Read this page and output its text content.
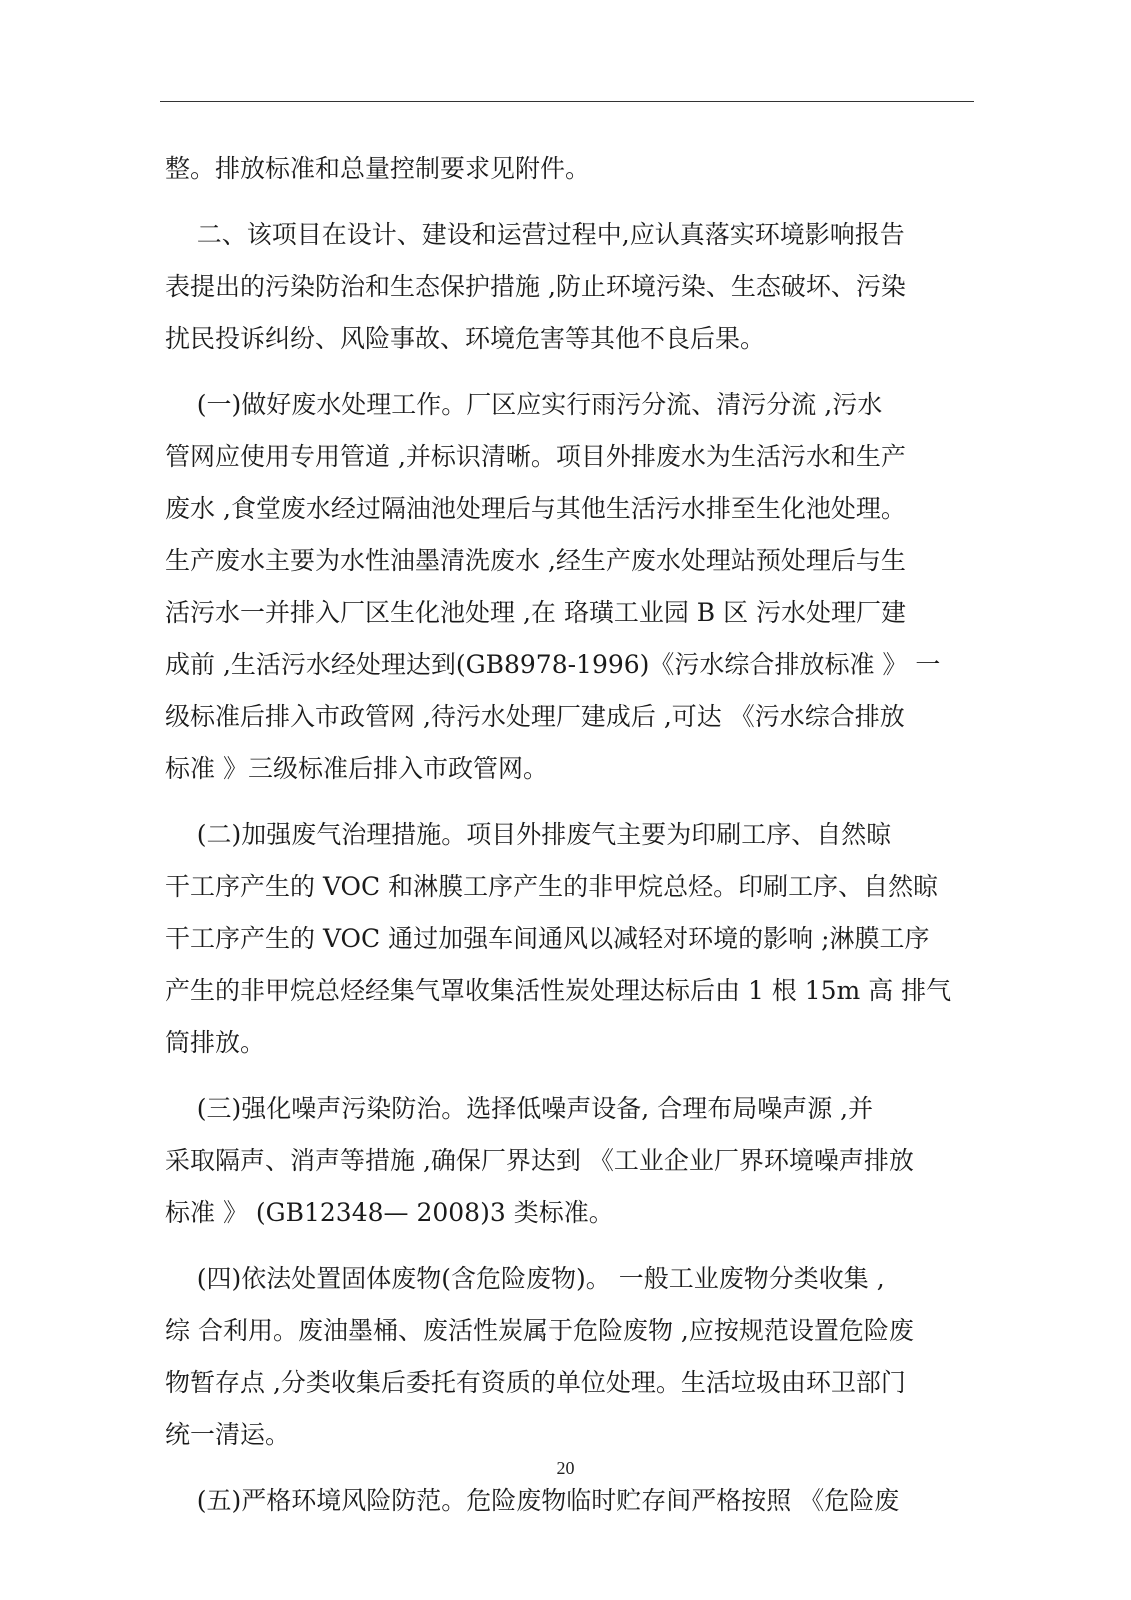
整。排放标准和总量控制要求见附件。
二、该项目在设计、建设和运营过程中,应认真落实环境影响报告
表提出的污染防治和生态保护措施 ,防止环境污染、生态破坏、污染
扰民投诉纠纷、风险事故、环境危害等其他不良后果。
(一)做好废水处理工作。厂区应实行雨污分流、清污分流 ,污水
管网应使用专用管道 ,并标识清晰。项目外排废水为生活污水和生产
废水 ,食堂废水经过隔油池处理后与其他生活污水排至生化池处理。
生产废水主要为水性油墨清洗废水 ,经生产废水处理站预处理后与生
活污水一并排入厂区生化池处理 ,在 珞璜工业园 B 区 污水处理厂建
成前 ,生活污水经处理达到(GB8978-1996)《污水综合排放标准 》 一
级标准后排入市政管网 ,待污水处理厂建成后 ,可达 《污水综合排放
标准 》三级标准后排入市政管网。
(二)加强废气治理措施。项目外排废气主要为印刷工序、自然晾
干工序产生的 VOC 和淋膜工序产生的非甲烷总烃。印刷工序、自然晾
干工序产生的 VOC 通过加强车间通风以减轻对环境的影响 ;淋膜工序
产生的非甲烷总烃经集气罩收集活性炭处理达标后由 1 根 15m 高 排气
筒排放。
(三)强化噪声污染防治。选择低噪声设备, 合理布局噪声源 ,并
采取隔声、消声等措施 ,确保厂界达到 《工业企业厂界环境噪声排放
标准 》 (GB12348— 2008)3 类标准。
(四)依法处置固体废物(含危险废物)。 一般工业废物分类收集 ,
综 合利用。废油墨桶、废活性炭属于危险废物 ,应按规范设置危险废
物暂存点 ,分类收集后委托有资质的单位处理。生活垃圾由环卫部门
统一清运。
(五)严格环境风险防范。危险废物临时贮存间严格按照 《危险废
20
